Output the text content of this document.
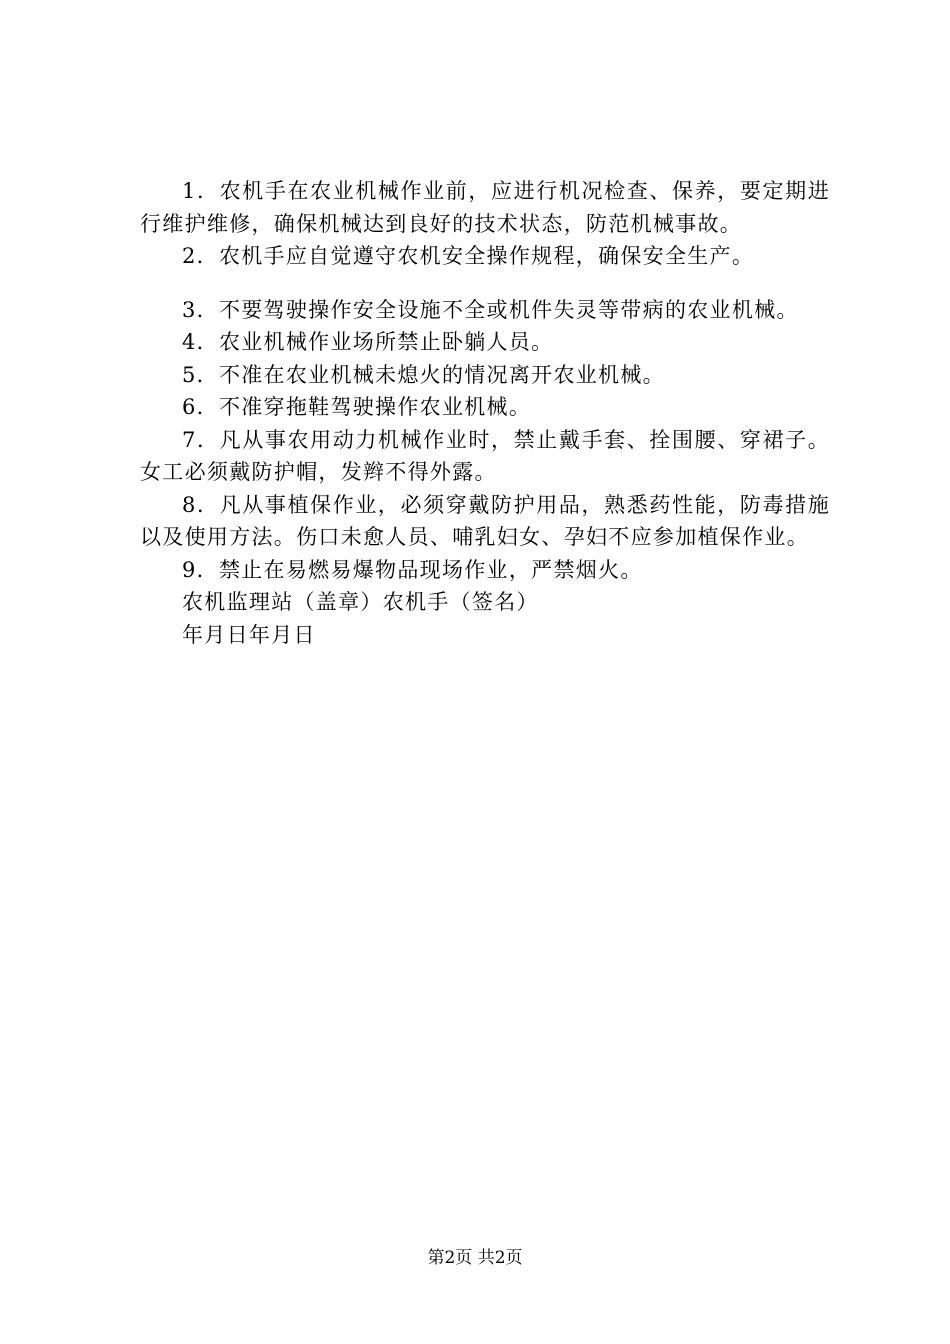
1．农机手在农业机械作业前，应进行机况检查、保养，要定期进行维护维修，确保机械达到良好的技术状态，防范机械事故。

2．农机手应自觉遵守农机安全操作规程，确保安全生产。

3．不要驾驶操作安全设施不全或机件失灵等带病的农业机械。

4．农业机械作业场所禁止卧躺人员。

5．不准在农业机械未熄火的情况离开农业机械。

6．不准穿拖鞋驾驶操作农业机械。

7．凡从事农用动力机械作业时，禁止戴手套、拴围腰、穿裙子。女工必须戴防护帽，发辫不得外露。

8．凡从事植保作业，必须穿戴防护用品，熟悉药性能，防毒措施以及使用方法。伤口未愈人员、哺乳妇女、孕妇不应参加植保作业。

9．禁止在易燃易爆物品现场作业，严禁烟火。

农机监理站（盖章）农机手（签名）

年月日年月日

第2页 共2页
